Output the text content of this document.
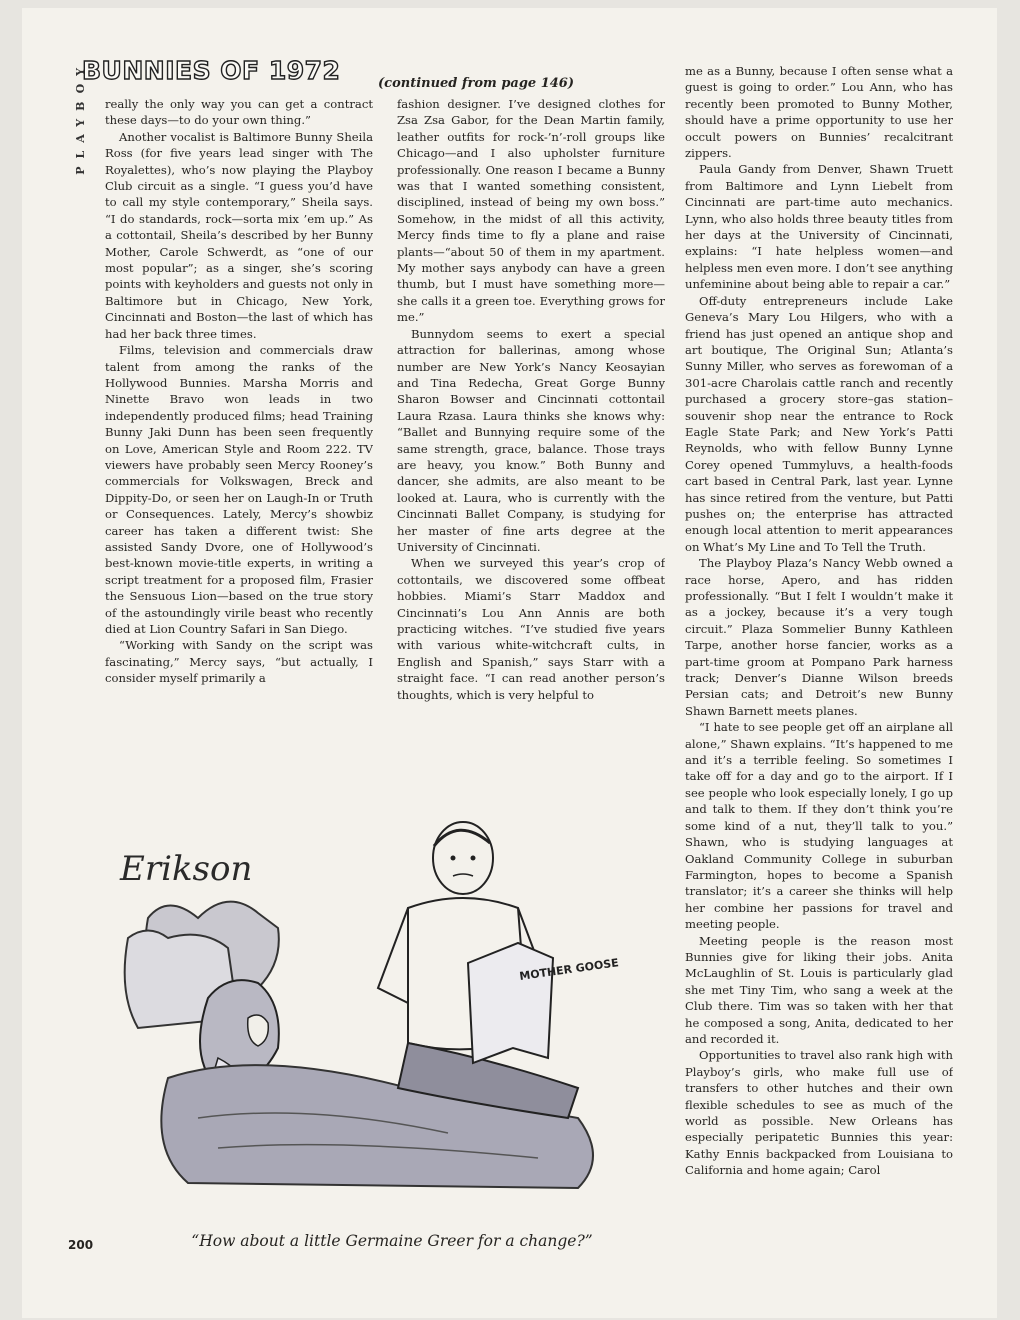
PLAYBOY
BUNNIES OF 1972	(continued from page 146)

really the only way you can get a contract these days—to do your own thing.”

Another vocalist is Baltimore Bunny Sheila Ross (for five years lead singer with The Royalettes), who’s now playing the Playboy Club circuit as a single. “I guess you’d have to call my style contemporary,” Sheila says. “I do standards, rock—sorta mix ’em up.” As a cottontail, Sheila’s described by her Bunny Mother, Carole Schwerdt, as “one of our most popular”; as a singer, she’s scoring points with keyholders and guests not only in Baltimore but in Chicago, New York, Cincinnati and Boston—the last of which has had her back three times.

Films, television and commercials draw talent from among the ranks of the Hollywood Bunnies. Marsha Morris and Ninette Bravo won leads in two independently produced films; head Training Bunny Jaki Dunn has been seen frequently on Love, American Style and Room 222. TV viewers have probably seen Mercy Rooney’s commercials for Volkswagen, Breck and Dippity-Do, or seen her on Laugh-In or Truth or Consequences. Lately, Mercy’s showbiz career has taken a different twist: She assisted Sandy Dvore, one of Hollywood’s best-known movie-title experts, in writing a script treatment for a proposed film, Frasier the Sensuous Lion—based on the true story of the astoundingly virile beast who recently died at Lion Country Safari in San Diego.

“Working with Sandy on the script was fascinating,” Mercy says, “but actually, I consider myself primarily a

fashion designer. I’ve designed clothes for Zsa Zsa Gabor, for the Dean Martin family, leather outfits for rock-’n’-roll groups like Chicago—and I also upholster furniture professionally. One reason I became a Bunny was that I wanted something consistent, disciplined, instead of being my own boss.” Somehow, in the midst of all this activity, Mercy finds time to fly a plane and raise plants—“about 50 of them in my apartment. My mother says anybody can have a green thumb, but I must have something more—she calls it a green toe. Everything grows for me.”

Bunnydom seems to exert a special attraction for ballerinas, among whose number are New York’s Nancy Keosayian and Tina Redecha, Great Gorge Bunny Sharon Bowser and Cincinnati cottontail Laura Rzasa. Laura thinks she knows why: “Ballet and Bunnying require some of the same strength, grace, balance. Those trays are heavy, you know.” Both Bunny and dancer, she admits, are also meant to be looked at. Laura, who is currently with the Cincinnati Ballet Company, is studying for her master of fine arts degree at the University of Cincinnati.

When we surveyed this year’s crop of cottontails, we discovered some offbeat hobbies. Miami’s Starr Maddox and Cincinnati’s Lou Ann Annis are both practicing witches. “I’ve studied five years with various white-witchcraft cults, in English and Spanish,” says Starr with a straight face. “I can read another person’s thoughts, which is very helpful to

me as a Bunny, because I often sense what a guest is going to order.” Lou Ann, who has recently been promoted to Bunny Mother, should have a prime opportunity to use her occult powers on Bunnies’ recalcitrant zippers.

Paula Gandy from Denver, Shawn Truett from Baltimore and Lynn Liebelt from Cincinnati are part-time auto mechanics. Lynn, who also holds three beauty titles from her days at the University of Cincinnati, explains: “I hate helpless women—and helpless men even more. I don’t see anything unfeminine about being able to repair a car.”

Off-duty entrepreneurs include Lake Geneva’s Mary Lou Hilgers, who with a friend has just opened an antique shop and art boutique, The Original Sun; Atlanta’s Sunny Miller, who serves as forewoman of a 301-acre Charolais cattle ranch and recently purchased a grocery store–gas station–souvenir shop near the entrance to Rock Eagle State Park; and New York’s Patti Reynolds, who with fellow Bunny Lynne Corey opened Tummyluvs, a health-foods cart based in Central Park, last year. Lynne has since retired from the venture, but Patti pushes on; the enterprise has attracted enough local attention to merit appearances on What’s My Line and To Tell the Truth.

The Playboy Plaza’s Nancy Webb owned a race horse, Apero, and has ridden professionally. “But I felt I wouldn’t make it as a jockey, because it’s a very tough circuit.” Plaza Sommelier Bunny Kathleen Tarpe, another horse fancier, works as a part-time groom at Pompano Park harness track; Denver’s Dianne Wilson breeds Persian cats; and Detroit’s new Bunny Shawn Barnett meets planes.

“I hate to see people get off an airplane all alone,” Shawn explains. “It’s happened to me and it’s a terrible feeling. So sometimes I take off for a day and go to the airport. If I see people who look especially lonely, I go up and talk to them. If they don’t think you’re some kind of a nut, they’ll talk to you.” Shawn, who is studying languages at Oakland Community College in suburban Farmington, hopes to become a Spanish translator; it’s a career she thinks will help her combine her passions for travel and meeting people.

Meeting people is the reason most Bunnies give for liking their jobs. Anita McLaughlin of St. Louis is particularly glad she met Tiny Tim, who sang a week at the Club there. Tim was so taken with her that he composed a song, Anita, dedicated to her and recorded it.

Opportunities to travel also rank high with Playboy’s girls, who make full use of transfers to other hutches and their own flexible schedules to see as much of the world as possible. New Orleans has especially peripatetic Bunnies this year: Kathy Ennis backpacked from Louisiana to California and home again; Carol

Erikson
MOTHER GOOSE
“How about a little Germaine Greer for a change?”
200
